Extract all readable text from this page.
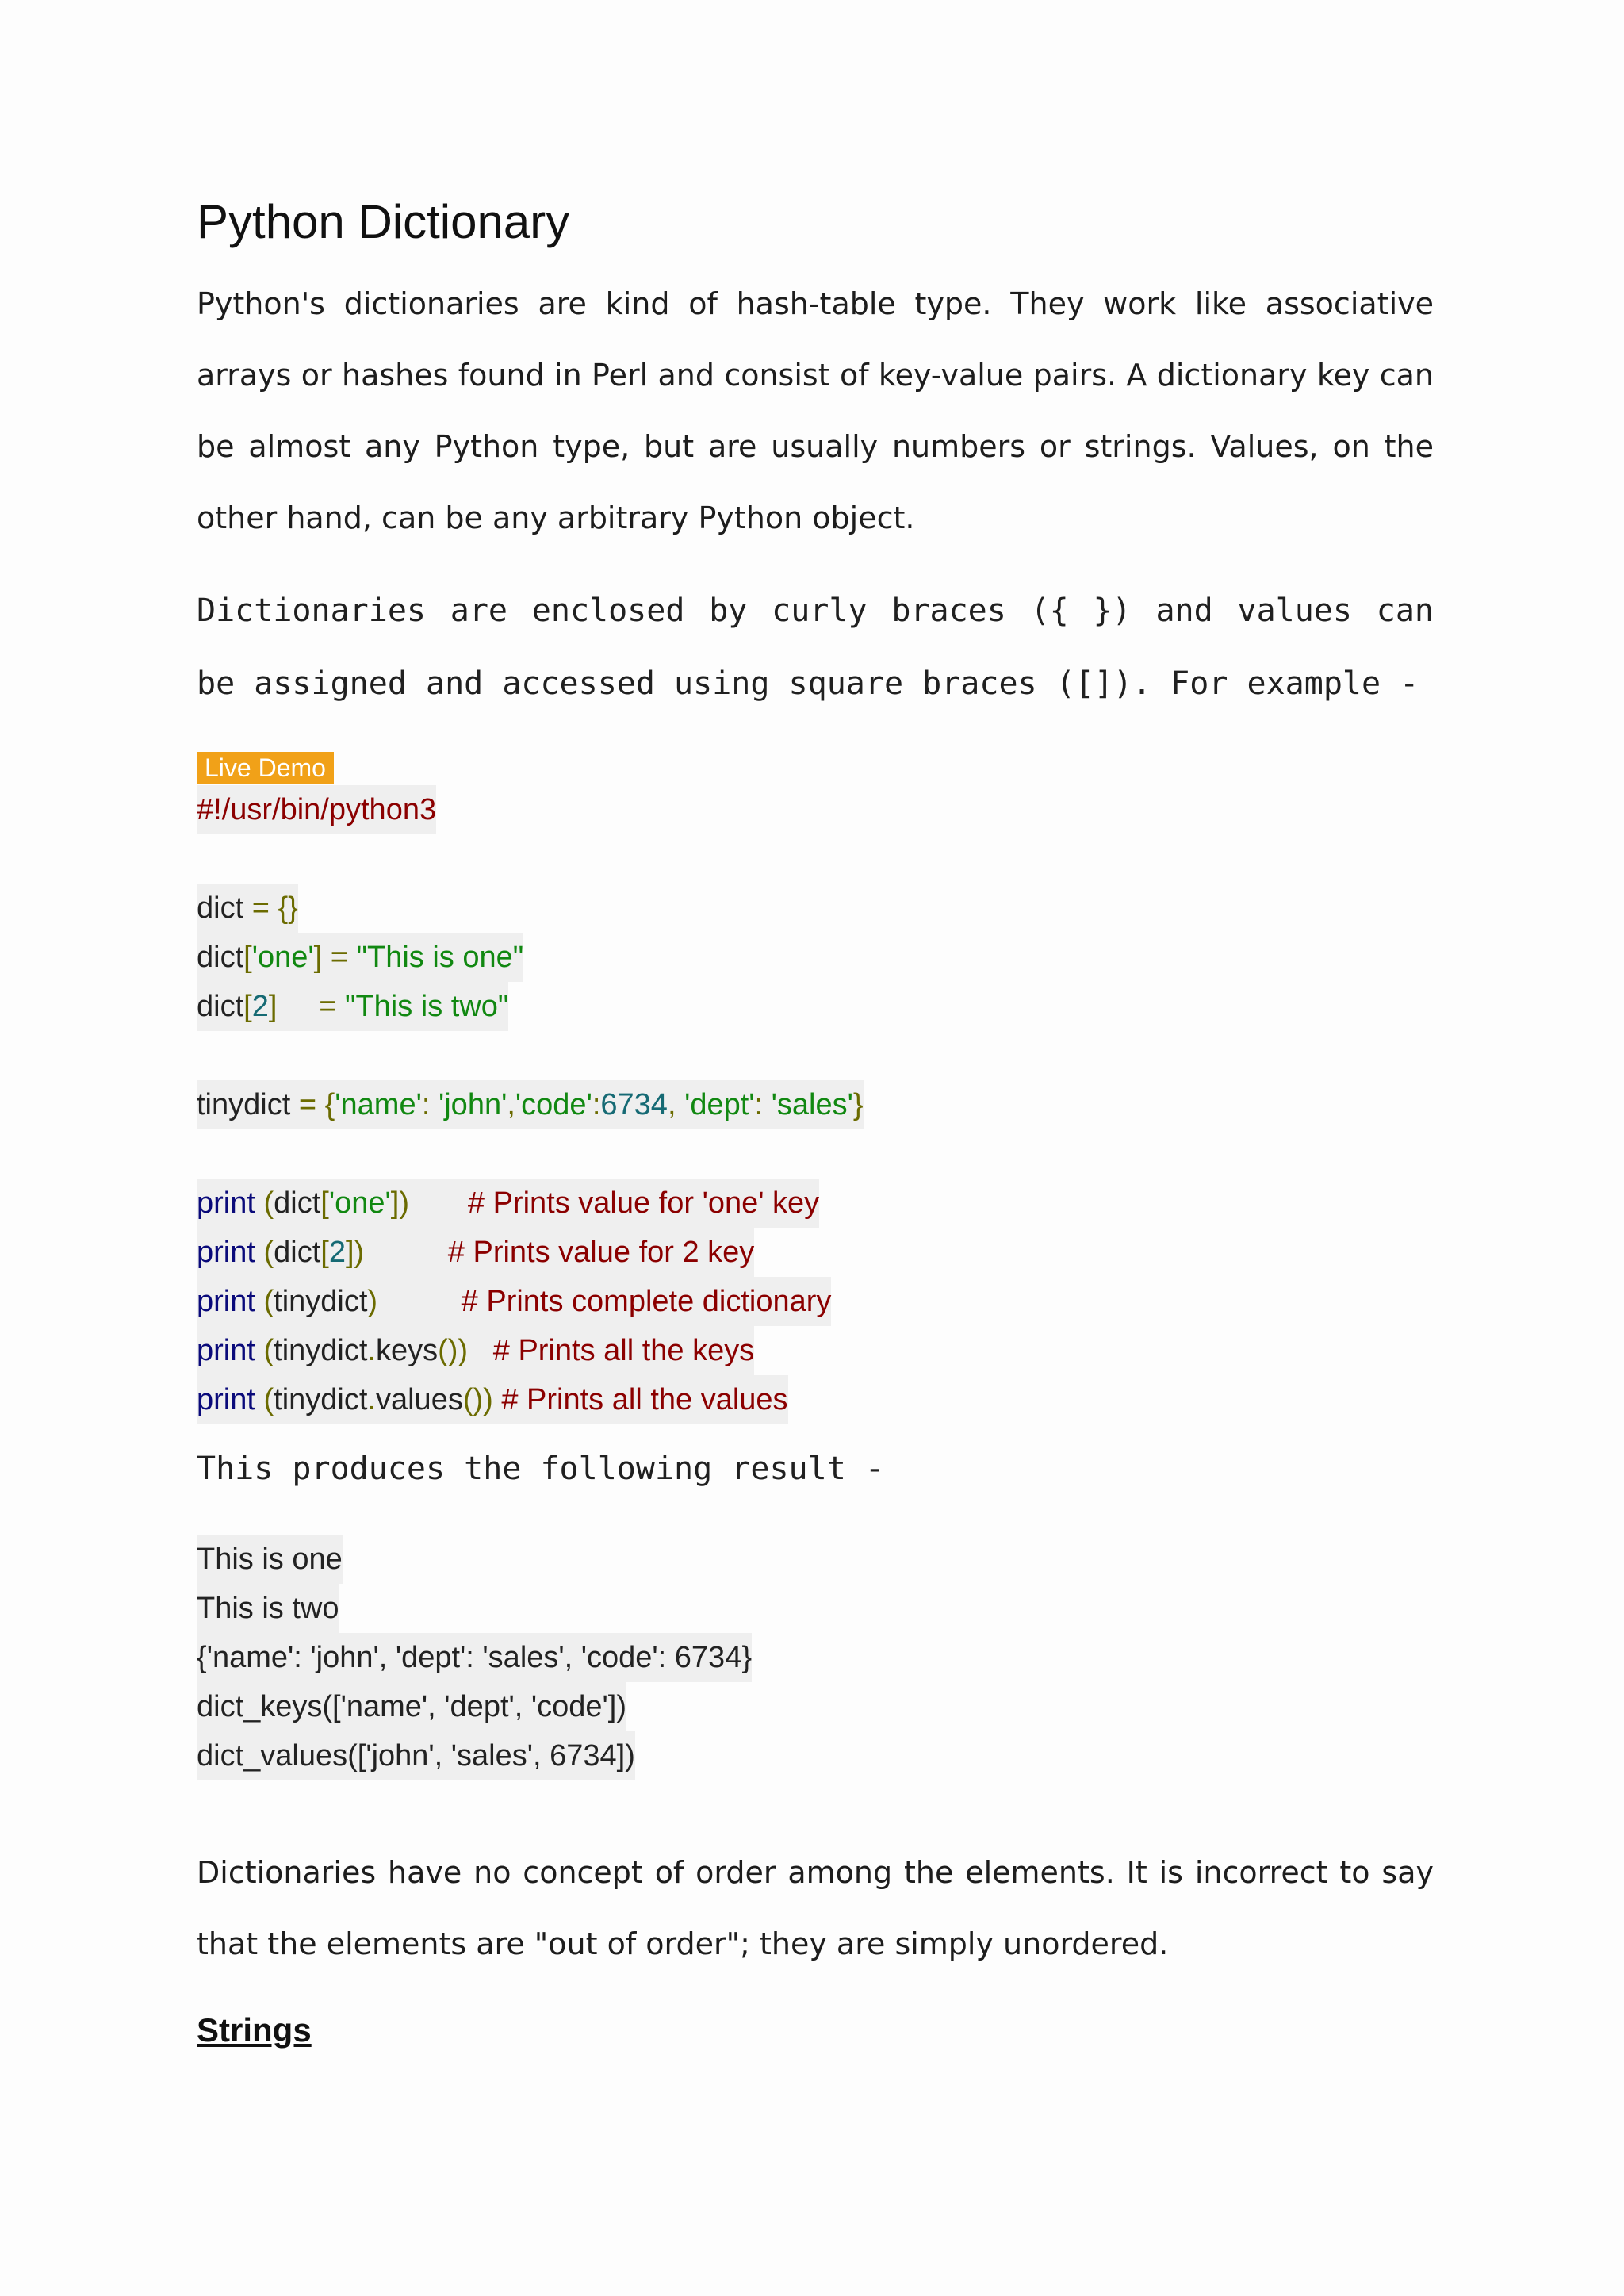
Python Dictionary

Python's dictionaries are kind of hash-table type. They work like associative arrays or hashes found in Perl and consist of key-value pairs. A dictionary key can be almost any Python type, but are usually numbers or strings. Values, on the other hand, can be any arbitrary Python object.

Dictionaries are enclosed by curly braces ({ }) and values can be assigned and accessed using square braces ([]). For example -

Live Demo
#!/usr/bin/python3
dict = {}
dict['one'] = "This is one"
dict[2]     = "This is two"
tinydict = {'name': 'john','code':6734, 'dept': 'sales'}
print (dict['one'])       # Prints value for 'one' key
print (dict[2])          # Prints value for 2 key
print (tinydict)          # Prints complete dictionary
print (tinydict.keys())   # Prints all the keys
print (tinydict.values()) # Prints all the values

This produces the following result -

This is one
This is two
{'name': 'john', 'dept': 'sales', 'code': 6734}
dict_keys(['name', 'dept', 'code'])
dict_values(['john', 'sales', 6734])

Dictionaries have no concept of order among the elements. It is incorrect to say that the elements are "out of order"; they are simply unordered.

Strings
